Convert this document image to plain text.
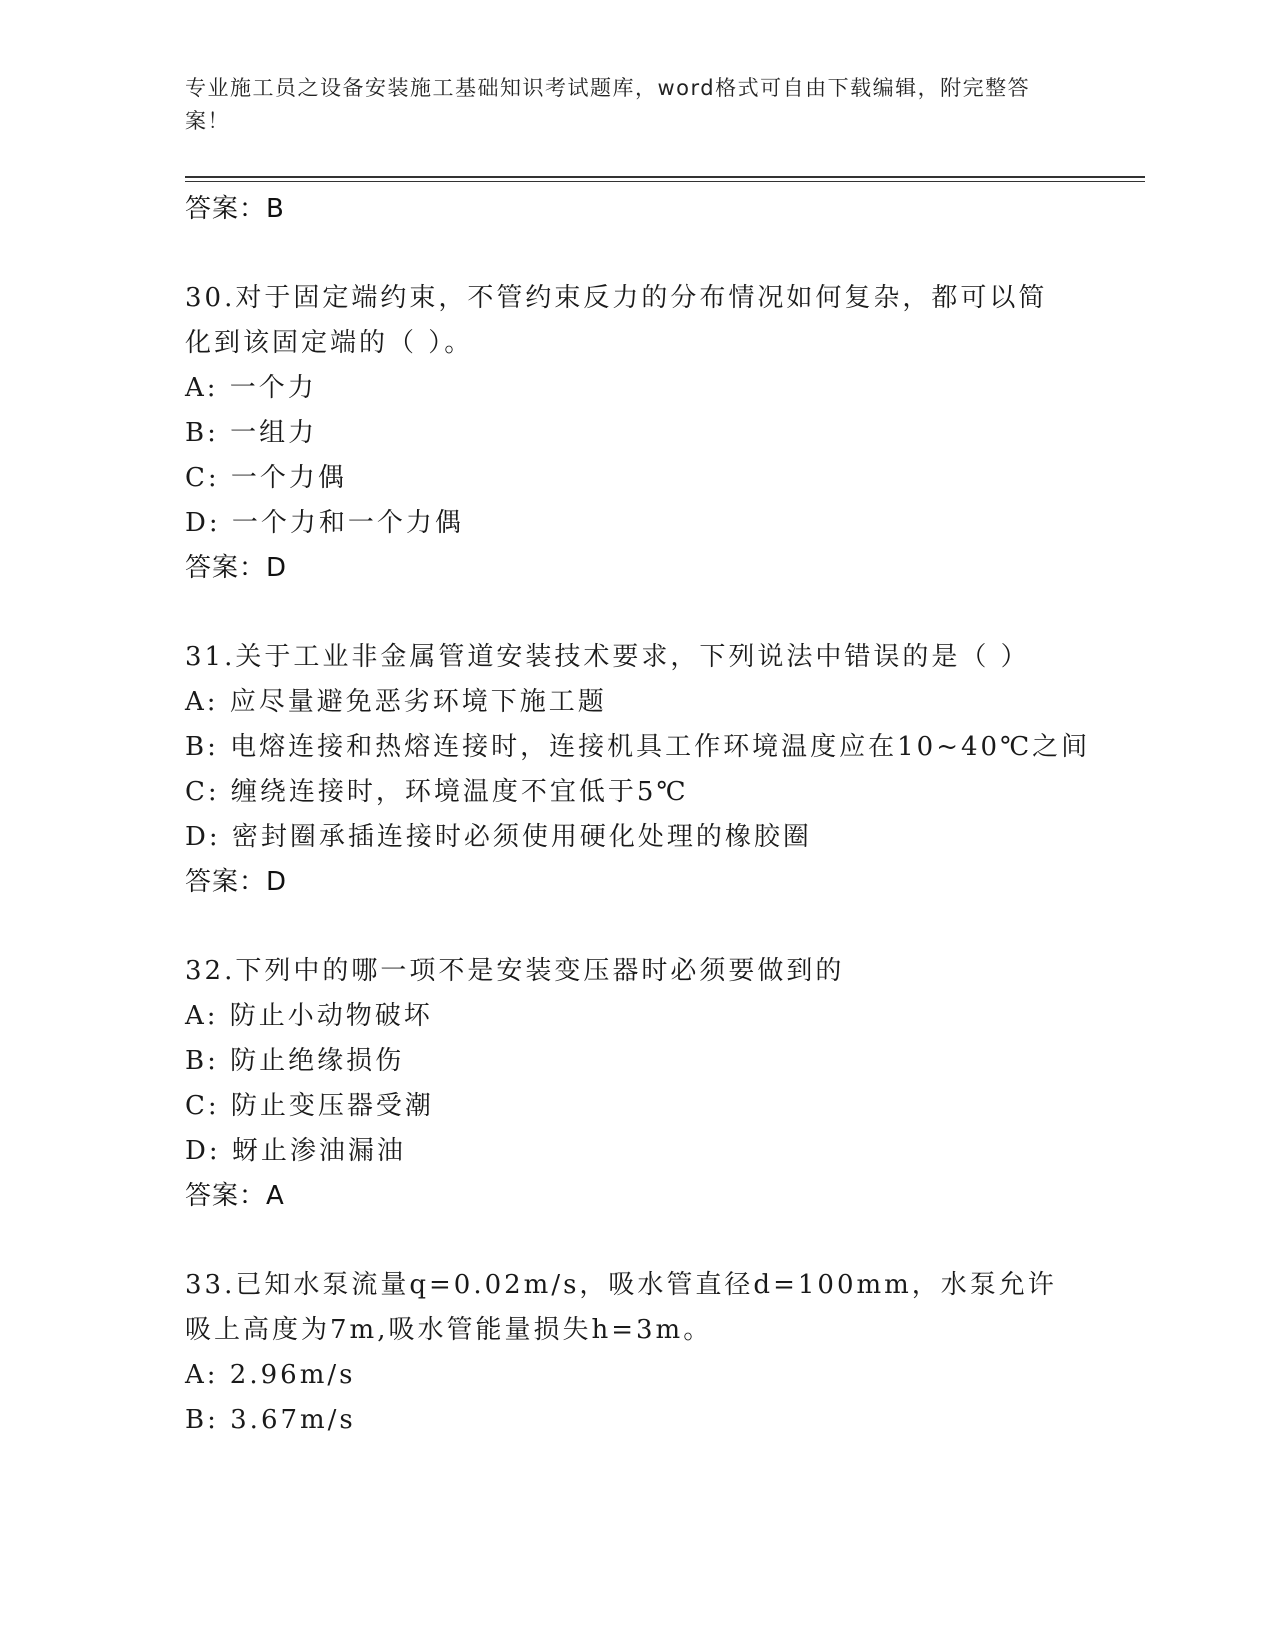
专业施工员之设备安装施工基础知识考试题库，word格式可自由下载编辑，附完整答案！
答案：B
30.对于固定端约束，不管约束反力的分布情况如何复杂，都可以简化到该固定端的（ ）。
A: 一个力
B: 一组力
C: 一个力偶
D: 一个力和一个力偶
答案：D
31.关于工业非金属管道安装技术要求，下列说法中错误的是（ ）
A: 应尽量避免恶劣环境下施工题
B: 电熔连接和热熔连接时，连接机具工作环境温度应在10~40℃之间
C: 缠绕连接时，环境温度不宜低于5℃
D: 密封圈承插连接时必须使用硬化处理的橡胶圈
答案：D
32.下列中的哪一项不是安装变压器时必须要做到的
A: 防止小动物破坏
B: 防止绝缘损伤
C: 防止变压器受潮
D: 蚜止渗油漏油
答案：A
33.已知水泵流量q=0.02m/s，吸水管直径d=100mm，水泵允许吸上高度为7m,吸水管能量损失h=3m。
A: 2.96m/s
B: 3.67m/s
